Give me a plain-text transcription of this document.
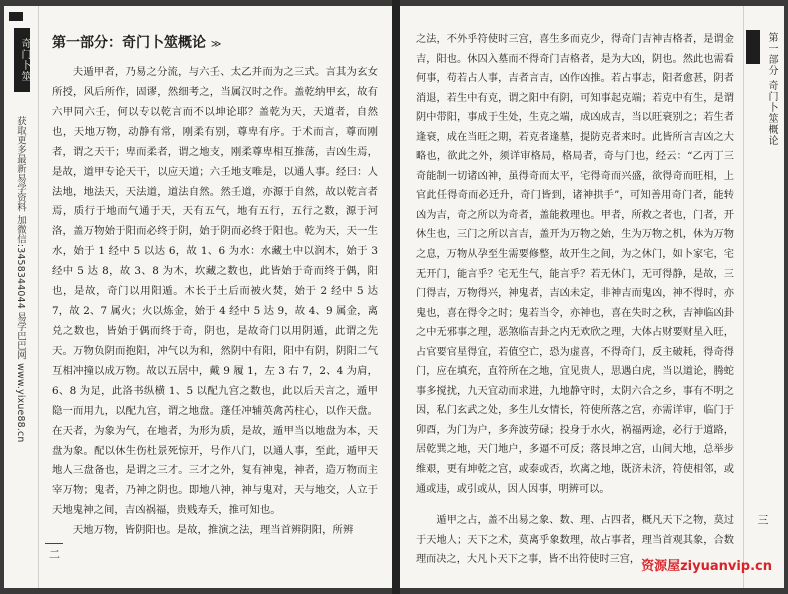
奇门卜筮
获取更多最新易学资料 加微信:3458344044 易学巴巴网 www.yixue88.cn
第一部分：奇门卜筮概论 ≫

夫遁甲者，乃易之分流，与六壬、太乙并而为之三式。言其为玄女所授，风后所作，固谬，然细考之，当属汉时之作。盖乾纳甲玄，故有六甲同六壬，何以专以乾言而不以坤论耶？盖乾为天，天道者，自然也，天地万物，动静有常，刚柔有别，尊卑有序。于术而言，尊而刚者，谓之天干；卑而柔者，谓之地支，刚柔尊卑相互推荡，吉凶生焉，是故，道甲专论天干，以应天道；六壬地支唯是，以通人事。经曰：人法地，地法天，天法道，道法自然。然壬道，亦源于自然，故以乾言者焉，质行于地而气通于天，天有五气，地有五行，五行之数，源于河洛，盖万物始于阳而必终于阴，始于阴而必终于阳也。乾为天，天一生水，始于 1 经中 5 以达 6，故 1、6 为水：水藏土中以润木，始于 3 经中 5 达 8，故 3、8 为木，坎藏之数也，此皆始于奇而终于偶，阳也，是故，奇门以用阳遁。木长于土后而被火焚，始于 2 经中 5 达 7，故 2、7 属火；火以炼金，始于 4 经中 5 达 9，故 4、9 属金，离兑之数也，皆始于偶而终于奇，阴也，是故奇门以用阴遁，此谓之先天。万物负阴而抱阳，冲气以为和，然阴中有阳，阳中有阴，阴阳二气互相冲撞以成万物。故以五居中，戴 9 履 1，左 3 右 7，2、4 为肩，6、8 为足，此洛书纵横 1、5 以配九宫之数也，此以后天言之，遁甲隐一而用九，以配九宫，谓之地盘。蓬任冲辅英禽芮柱心，以作天盘。在天者，为象为气，在地者，为形为质，是故，遁甲当以地盘为本，天盘为象。配以休生伤杜景死惊开，号作八门，以通人事，至此，遁甲天地人三盘备也，是谓之三才。三才之外，复有神鬼，神者，造万物而主宰万物；鬼者，乃神之阴也。即地八神，神与鬼对，天与地交，人立于天地鬼神之间，吉凶祸福，贵贱寿夭，推可知也。

天地万物，皆阴阳也。是故，推演之法，理当首辨阴阳，所辨

二

之法，不外乎符使时三宫，喜生多而克少，得奇门吉神吉格者，是谓金吉，阳也。休囚入墓而不得奇门吉格者，是为大凶，阴也。然此也需看何事，苟若占人事，吉者言吉，凶作凶推。若占事志，阳者愈甚，阴者消退，若生中有克，谓之阳中有阴，可知事起克端；若克中有生，是谓阴中带阳，事成于生处，生克之端，成凶成吉，当以旺衰别之；若生者逢衰，成在当旺之期，若克者逢墓，提防克者来时。此皆所言吉凶之大略也，欲此之外，须详审格局，格局者，奇与门也，经云：“乙丙丁三奇能制一切诸凶神，虽得奇而太平，宅得奇而兴盛，欲得奇而旺相，上官此任得奇而必迁升，奇门皆到，诸神拱手”，可知善用奇门者，能转凶为吉，奇之所以为奇者，盖能救理也。甲者，所救之者也，门者，开休生也，三门之所以言吉，盖开为万物之始，生为万物之机，休为万物之息，万物从孕至生需要修整，故开生之间，为之休门，如卜家宅，宅无开门，能言乎？宅无生气，能言乎？若无休门，无可得静，是故，三门得吉，万物得兴，神鬼者，吉凶未定，非神吉而鬼凶，神不得时，亦鬼也，喜在得令之时；鬼若当令，亦神也，喜在失时之秋，吉神临凶卦之中无邪事之理，恶煞临吉卦之内无欢欣之理，大体占财要财星入旺，占官要官星得宜，若值空亡，恐为虚喜，不得奇门，反主破耗，得奇得门，应在填充，直符所在之地，宜见贵人，思遇白虎，当以道论，腾蛇事多搅扰，九天宜动而求进，九地静守时，太阴六合之乡，事有不明之因，私门玄武之处，多生儿女情长，符使所落之宫，亦需详审，临门于卯酉，为门为户，多奔波劳碌；投身于水火，祸福两途，必行于道路，居乾巽之地，天门地户，多逼不可反；落艮坤之宫，山间大地，总举步维艰，更有坤乾之宫，或泰或否，坎离之地，既济未济，符使相邻，或通或违，或引或从，因人因事，明辨可以。

遁甲之占，盖不出易之象、数、理、占四者，概凡天下之物，莫过于天地人；天下之术，莫离乎象数理，故占事者，理当首观其象，合数理而决之，大凡卜天下之事，皆不出符使时三宫，

第一部分 奇门卜筮概论
三
资源屋ziyuanvip.cn
